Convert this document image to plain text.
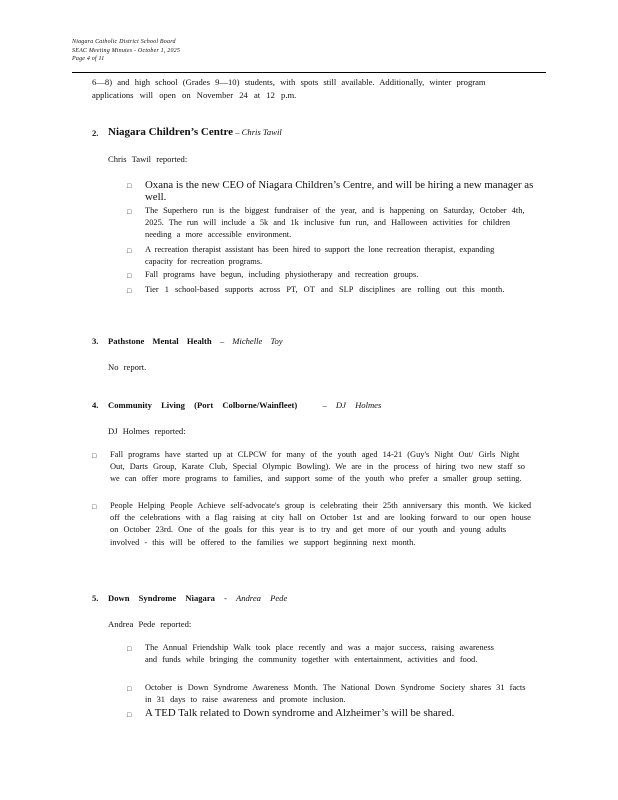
Niagara Catholic District School Board
SEAC Meeting Minutes - October 1, 2025
Page 4 of 11
6—8) and high school (Grades 9—10) students, with spots still available. Additionally, winter program
applications will open on November 24 at 12 p.m.
2. Niagara Children’s Centre – Chris Tawil
Chris Tawil reported:
□ Oxana is the new CEO of Niagara Children’s Centre, and will be hiring a new manager as well.
□ The Superhero run is the biggest fundraiser of the year, and is happening on Saturday, October 4th, 2025. The run will include a 5k and 1k inclusive fun run, and Halloween activities for children needing a more accessible environment.
□ A recreation therapist assistant has been hired to support the lone recreation therapist, expanding capacity for recreation programs.
□ Fall programs have begun, including physiotherapy and recreation groups.
□ Tier 1 school-based supports across PT, OT and SLP disciplines are rolling out this month.
3. Pathstone Mental Health – Michelle Toy
No report.
4. Community Living (Port Colborne/Wainfleet)	– DJ Holmes
DJ Holmes reported:
□ Fall programs have started up at CLPCW for many of the youth aged 14-21 (Guy's Night Out/ Girls Night Out, Darts Group, Karate Club, Special Olympic Bowling). We are in the process of hiring two new staff so we can offer more programs to families, and support some of the youth who prefer a smaller group setting.
□ People Helping People Achieve self-advocate's group is celebrating their 25th anniversary this month. We kicked off the celebrations with a flag raising at city hall on October 1st and are looking forward to our open house on October 23rd. One of the goals for this year is to try and get more of our youth and young adults involved - this will be offered to the families we support beginning next month.
5. Down Syndrome Niagara - Andrea Pede
Andrea Pede reported:
□ The Annual Friendship Walk took place recently and was a major success, raising awareness and funds while bringing the community together with entertainment, activities and food.
□ October is Down Syndrome Awareness Month. The National Down Syndrome Society shares 31 facts in 31 days to raise awareness and promote inclusion.
□ A TED Talk related to Down syndrome and Alzheimer’s will be shared.
